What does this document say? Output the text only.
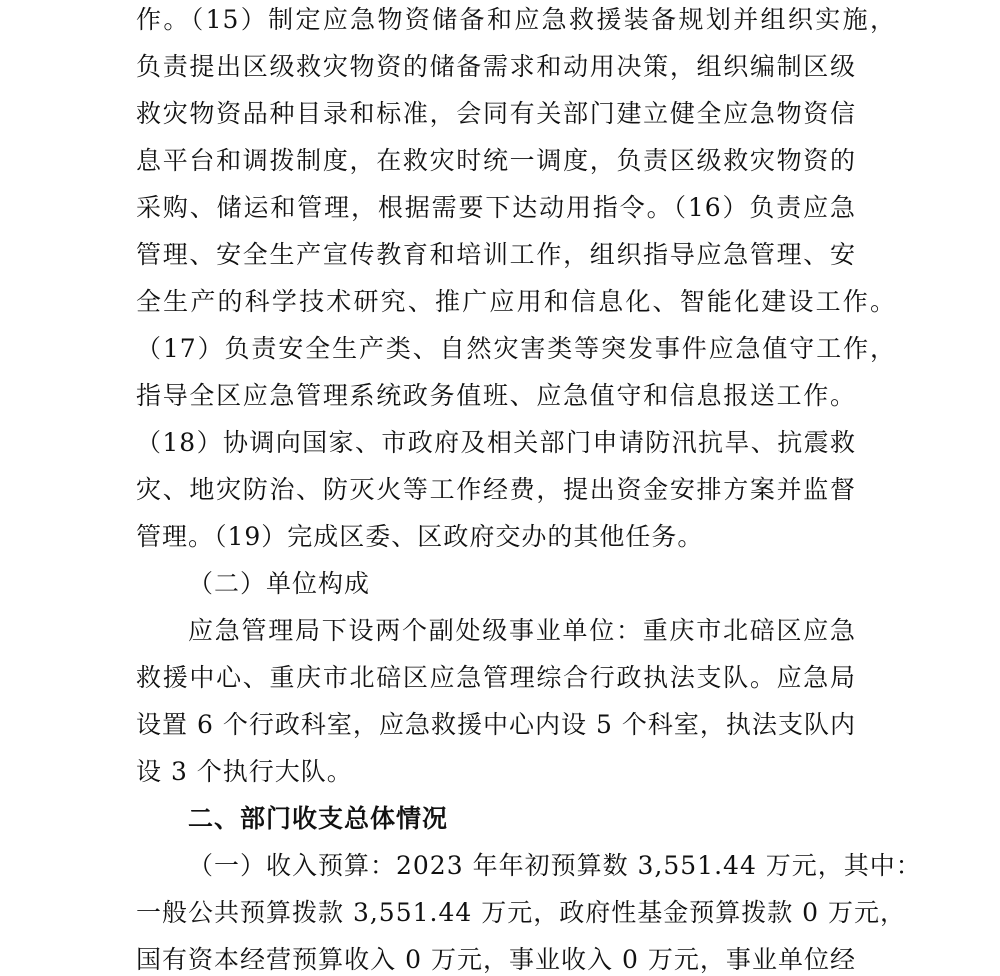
作。（15）制定应急物资储备和应急救援装备规划并组织实施，
负责提出区级救灾物资的储备需求和动用决策，组织编制区级
救灾物资品种目录和标准，会同有关部门建立健全应急物资信
息平台和调拨制度，在救灾时统一调度，负责区级救灾物资的
采购、储运和管理，根据需要下达动用指令。（16）负责应急
管理、安全生产宣传教育和培训工作，组织指导应急管理、安
全生产的科学技术研究、推广应用和信息化、智能化建设工作。
（17）负责安全生产类、自然灾害类等突发事件应急值守工作，
指导全区应急管理系统政务值班、应急值守和信息报送工作。
（18）协调向国家、市政府及相关部门申请防汛抗旱、抗震救
灾、地灾防治、防灭火等工作经费，提出资金安排方案并监督
管理。（19）完成区委、区政府交办的其他任务。
（二）单位构成
应急管理局下设两个副处级事业单位：重庆市北碚区应急
救援中心、重庆市北碚区应急管理综合行政执法支队。应急局
设置 6 个行政科室，应急救援中心内设 5 个科室，执法支队内
设 3 个执行大队。
二、部门收支总体情况
（一）收入预算：2023 年年初预算数 3,551.44 万元，其中：
一般公共预算拨款 3,551.44 万元，政府性基金预算拨款 0 万元，
国有资本经营预算收入 0 万元，事业收入 0 万元，事业单位经
